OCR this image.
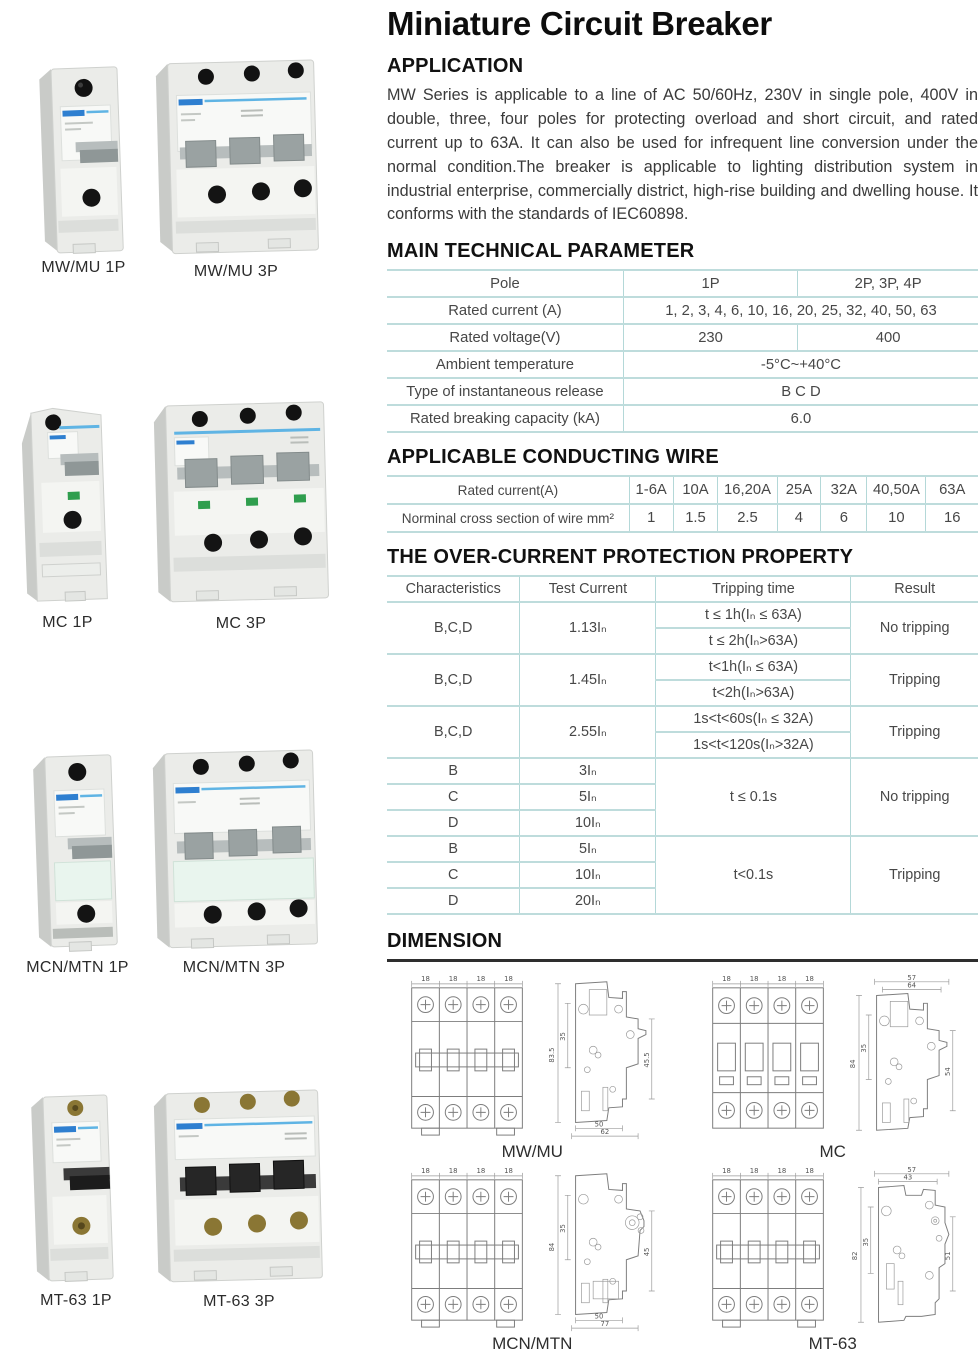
MW/MU 1P	MW/MU 3P
MC 1P	MC 3P
MCN/MTN 1P	MCN/MTN 3P
MT-63 1P	MT-63 3P
Miniature Circuit Breaker
APPLICATION

MW Series is applicable to a line of AC 50/60Hz, 230V in single pole, 400V in double, three, four poles for protecting overload and short circuit, and rated current up to 63A. It can also be used for infrequent line conversion under the normal condition.The breaker is applicable to lighting distribution system in industrial enterprise, commercially district, high-rise building and dwelling house. It conforms with the standards of IEC60898.

MAIN TECHNICAL PARAMETER
Pole	1P	2P, 3P, 4P
Rated current (A)	1, 2, 3, 4, 6, 10, 16, 20, 25, 32, 40, 50, 63	
Rated voltage(V)	230	400
Ambient temperature	-5°C~+40°C	
Type of instantaneous release	B C D	
Rated breaking capacity (kA)	6.0	
APPLICABLE CONDUCTING WIRE
Rated current(A)	1-6A	10A	16,20A	25A	32A	40,50A	63A
Norminal cross section of wire mm²	1	1.5	2.5	4	6	10	16
THE OVER-CURRENT PROTECTION PROPERTY
Characteristics	Test Current	Tripping time	Result
B,C,D	1.13Iₙ	t ≤ 1h(Iₙ ≤ 63A)	No tripping
		t ≤ 2h(Iₙ>63A)	
B,C,D	1.45Iₙ	t<1h(Iₙ ≤ 63A)	Tripping
		t<2h(Iₙ>63A)	
B,C,D	2.55Iₙ	1s<t<60s(Iₙ ≤ 32A)	Tripping
		1s<t<120s(Iₙ>32A)	
B	3Iₙ	t ≤ 0.1s	No tripping
C	5Iₙ		
D	10Iₙ		
B	5Iₙ	t<0.1s	Tripping
C	10Iₙ		
D	20Iₙ		
DIMENSION
18	18	18	18
83.5
35
45.5
50
62
MW/MU
18	18	18	18	57
64
84
35
54
MC
18	18	18	18
84
35
45
50
77
MCN/MTN
18	18	18	18	57
43
82
35
51
MT-63
